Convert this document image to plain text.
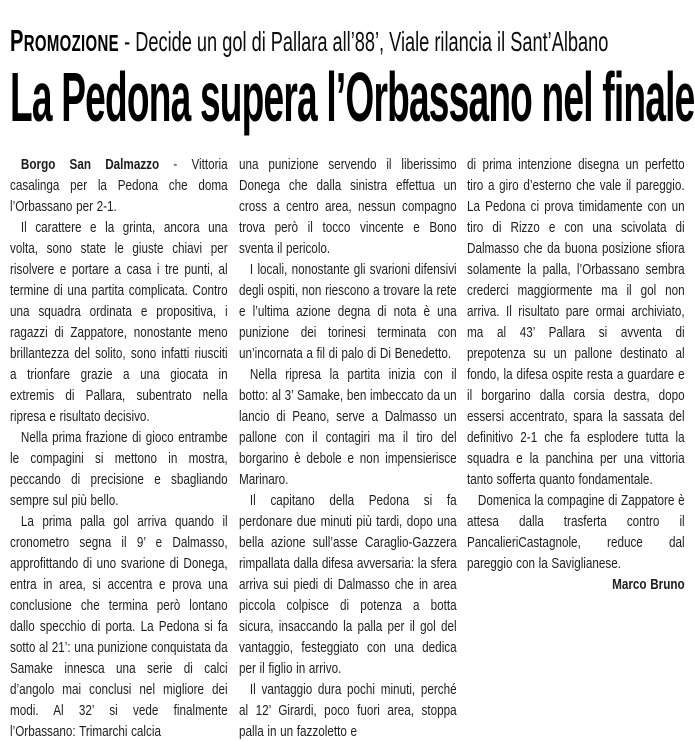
PROMOZIONE - Decide un gol di Pallara all’88’, Viale rilancia il Sant’Albano
La Pedona supera l’Orbassano nel finale

Borgo San Dalmazzo - Vittoria casalinga per la Pedona che doma l’Orbassano per 2-1.

Il carattere e la grinta, ancora una volta, sono state le giuste chiavi per risolvere e portare a casa i tre punti, al termine di una partita complicata. Contro una squadra ordinata e propositiva, i ragazzi di Zappatore, nonostante meno brillantezza del solito, sono infatti riusciti a trionfare grazie a una giocata in extremis di Pallara, subentrato nella ripresa e risultato decisivo.

Nella prima frazione di gioco entrambe le compagini si mettono in mostra, peccando di precisione e sbagliando sempre sul più bello.

La prima palla gol arriva quando il cronometro segna il 9’ e Dalmasso, approfittando di uno svarione di Donega, entra in area, si accentra e prova una conclusione che termina però lontano dallo specchio di porta. La Pedona si fa sotto al 21’: una punizione conquistata da Samake innesca una serie di calci d’angolo mai conclusi nel migliore dei modi. Al 32’ si vede finalmente l’Orbassano: Trimarchi calcia

una punizione servendo il liberissimo Donega che dalla sinistra effettua un cross a centro area, nessun compagno trova però il tocco vincente e Bono sventa il pericolo.

I locali, nonostante gli svarioni difensivi degli ospiti, non riescono a trovare la rete e l’ultima azione degna di nota è una punizione dei torinesi terminata con un’incornata a fil di palo di Di Benedetto.

Nella ripresa la partita inizia con il botto: al 3’ Samake, ben imbeccato da un lancio di Peano, serve a Dalmasso un pallone con il contagiri ma il tiro del borgarino è debole e non impensierisce Marinaro.

Il capitano della Pedona si fa perdonare due minuti più tardi, dopo una bella azione sull’asse Caraglio-Gazzera rimpallata dalla difesa avversaria: la sfera arriva sui piedi di Dalmasso che in area piccola colpisce di potenza a botta sicura, insaccando la palla per il gol del vantaggio, festeggiato con una dedica per il figlio in arrivo.

Il vantaggio dura pochi minuti, perché al 12’ Girardi, poco fuori area, stoppa palla in un fazzoletto e

di prima intenzione disegna un perfetto tiro a giro d’esterno che vale il pareggio. La Pedona ci prova timidamente con un tiro di Rizzo e con una scivolata di Dalmasso che da buona posizione sfiora solamente la palla, l’Orbassano sembra crederci maggiormente ma il gol non arriva. Il risultato pare ormai archiviato, ma al 43’ Pallara si avventa di prepotenza su un pallone destinato al fondo, la difesa ospite resta a guardare e il borgarino dalla corsia destra, dopo essersi accentrato, spara la sassata del definitivo 2-1 che fa esplodere tutta la squadra e la panchina per una vittoria tanto sofferta quanto fondamentale.

Domenica la compagine di Zappatore è attesa dalla trasferta contro il PancalieriCastagnole, reduce dal pareggio con la Saviglianese.

Marco Bruno
